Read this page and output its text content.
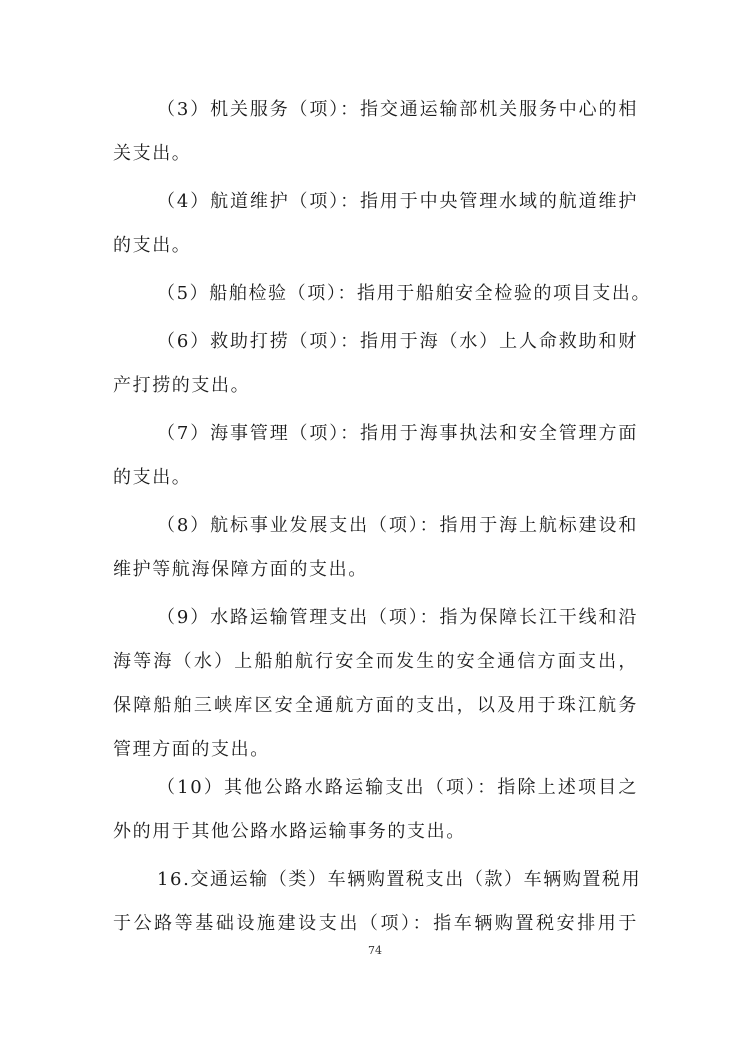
（3）机关服务（项）：指交通运输部机关服务中心的相
关支出。
（4）航道维护（项）：指用于中央管理水域的航道维护
的支出。
（5）船舶检验（项）：指用于船舶安全检验的项目支出。
（6）救助打捞（项）：指用于海（水）上人命救助和财
产打捞的支出。
（7）海事管理（项）：指用于海事执法和安全管理方面
的支出。
（8）航标事业发展支出（项）：指用于海上航标建设和
维护等航海保障方面的支出。
（9）水路运输管理支出（项）：指为保障长江干线和沿
海等海（水）上船舶航行安全而发生的安全通信方面支出，
保障船舶三峡库区安全通航方面的支出，以及用于珠江航务
管理方面的支出。
（10）其他公路水路运输支出（项）：指除上述项目之
外的用于其他公路水路运输事务的支出。
16.交通运输（类）车辆购置税支出（款）车辆购置税用
于公路等基础设施建设支出（项）：指车辆购置税安排用于
74
